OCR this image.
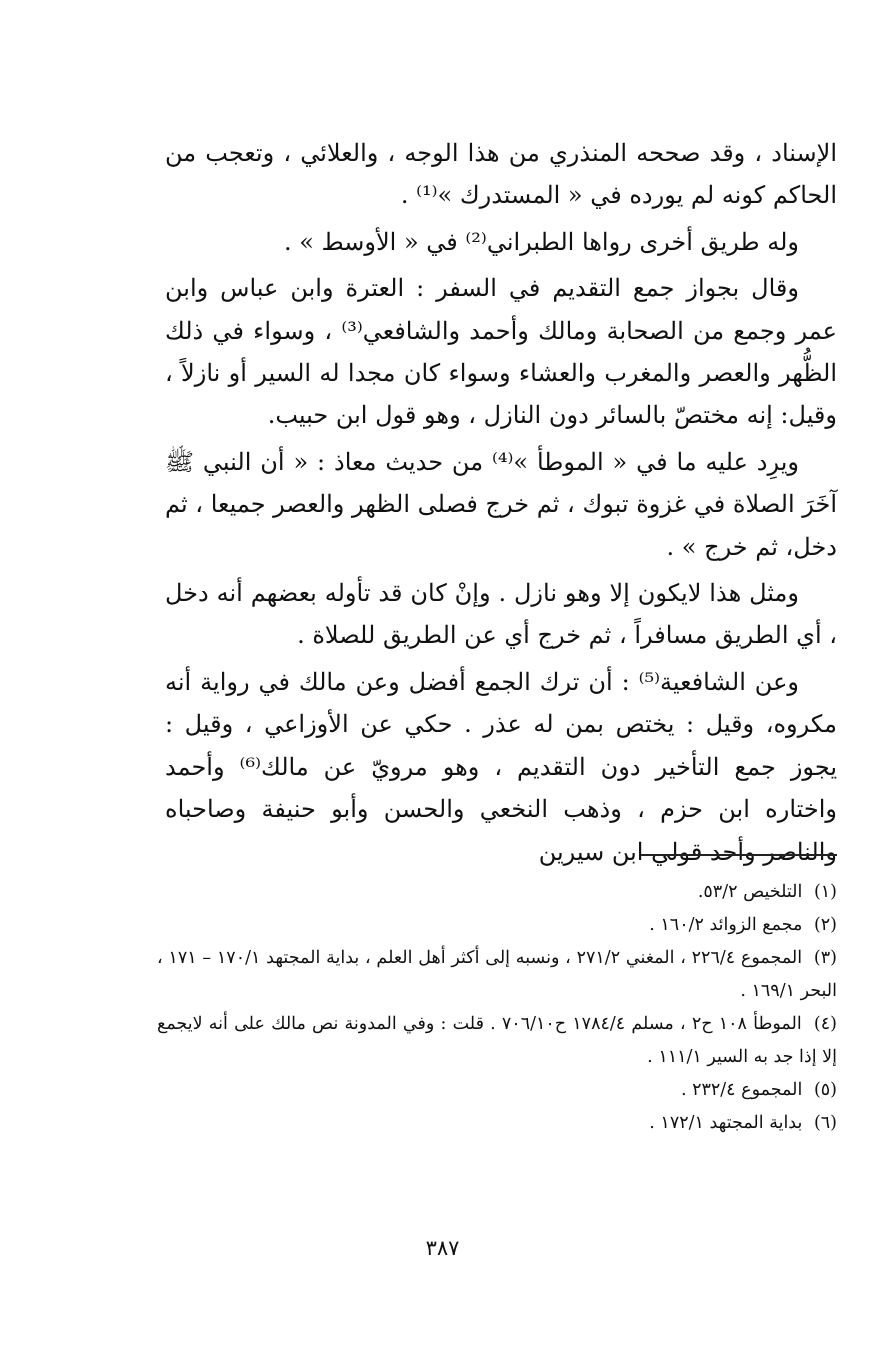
الإسناد ، وقد صححه المنذري من هذا الوجه ، والعلائي ، وتعجب من الحاكم كونه لم يورده في « المستدرك »⁽¹⁾ .

وله طريق أخرى رواها الطبراني⁽²⁾ في « الأوسط » .

وقال بجواز جمع التقديم في السفر : العترة وابن عباس وابن عمر وجمع من الصحابة ومالك وأحمد والشافعي⁽³⁾ ، وسواء في ذلك الظُّهر والعصر والمغرب والعشاء وسواء كان مجدا له السير أو نازلاً ، وقيل: إنه مختصّ بالسائر دون النازل ، وهو قول ابن حبيب.

ويرِد عليه ما في « الموطأ »⁽⁴⁾ من حديث معاذ : « أن النبي ﷺ آخَرَ الصلاة في غزوة تبوك ، ثم خرج فصلى الظهر والعصر جميعا ، ثم دخل، ثم خرج » .

ومثل هذا لايكون إلا وهو نازل . وإنْ كان قد تأوله بعضهم أنه دخل ، أي الطريق مسافراً ، ثم خرج أي عن الطريق للصلاة .

وعن الشافعية⁽⁵⁾ : أن ترك الجمع أفضل وعن مالك في رواية أنه مكروه، وقيل : يختص بمن له عذر . حكي عن الأوزاعي ، وقيل : يجوز جمع التأخير دون التقديم ، وهو مرويّ عن مالك⁽⁶⁾ وأحمد واختاره ابن حزم ، وذهب النخعي والحسن وأبو حنيفة وصاحباه والناصر وأحد قولي ابن سيرين

(١) التلخيص ٥٣/٢.

(٢) مجمع الزوائد ١٦٠/٢ .

(٣) المجموع ٢٢٦/٤ ، المغني ٢٧١/٢ ، ونسبه إلى أكثر أهل العلم ، بداية المجتهد ١٧٠/١ – ١٧١ ، البحر ١٦٩/١ .

(٤) الموطأ ١٠٨ ح٢ ، مسلم ١٧٨٤/٤ ح٧٠٦/١٠ . قلت : وفي المدونة نص مالك على أنه لايجمع إلا إذا جد به السير ١١١/١ .

(٥) المجموع ٢٣٢/٤ .

(٦) بداية المجتهد ١٧٢/١ .

٣٨٧
